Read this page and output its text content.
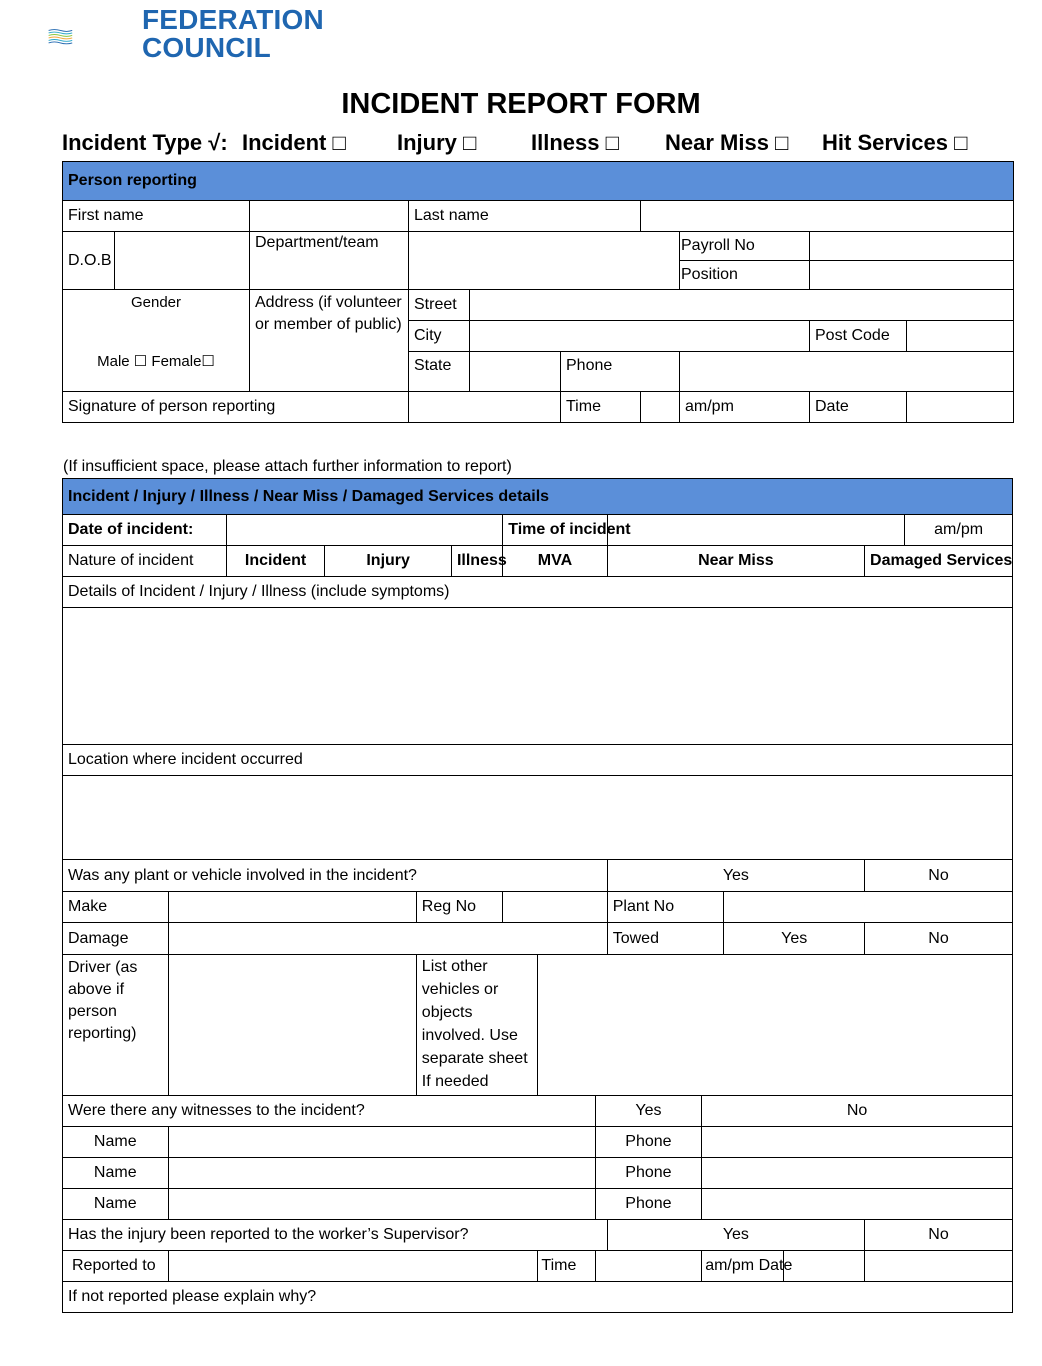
FEDERATION
COUNCIL
INCIDENT REPORT FORM
Incident Type √: Incident □ Injury □ Illness □ Near Miss □ Hit Services □
Person reporting									
First name			Last name						
D.O.B		Department/team					Payroll No		
							Position		

Gender
Male ☐ Female☐		Address (if volunteer or member of public)	Street						
			City					Post Code	
			State		Phone				
Signature of person reporting					Time		am/pm	Date	
(If insufficient space, please attach further information to report)
Incident / Injury / Illness / Near Miss / Damaged Services details														
Date of incident:						Time of incident								am/pm
Nature of incident		Incident	Injury		Illness	MVA			Near Miss				Damaged Services	
Details of Incident / Injury / Illness (include symptoms)														

Location where incident occurred														

Was any plant or vehicle involved in the incident?									Yes				No	
Make				Reg No					Plant No					
Damage									Towed		Yes		No	
Driver (as above if person reporting)				List other vehicles or objects involved. Use separate sheet If needed										
Were there any witnesses to the incident?								Yes		No				
Name								Phone						
Name								Phone						
Name								Phone						
Has the injury been reported to the worker’s Supervisor?									Yes				No	
Reported to							Time			am/pm Date				
If not reported please explain why?														
